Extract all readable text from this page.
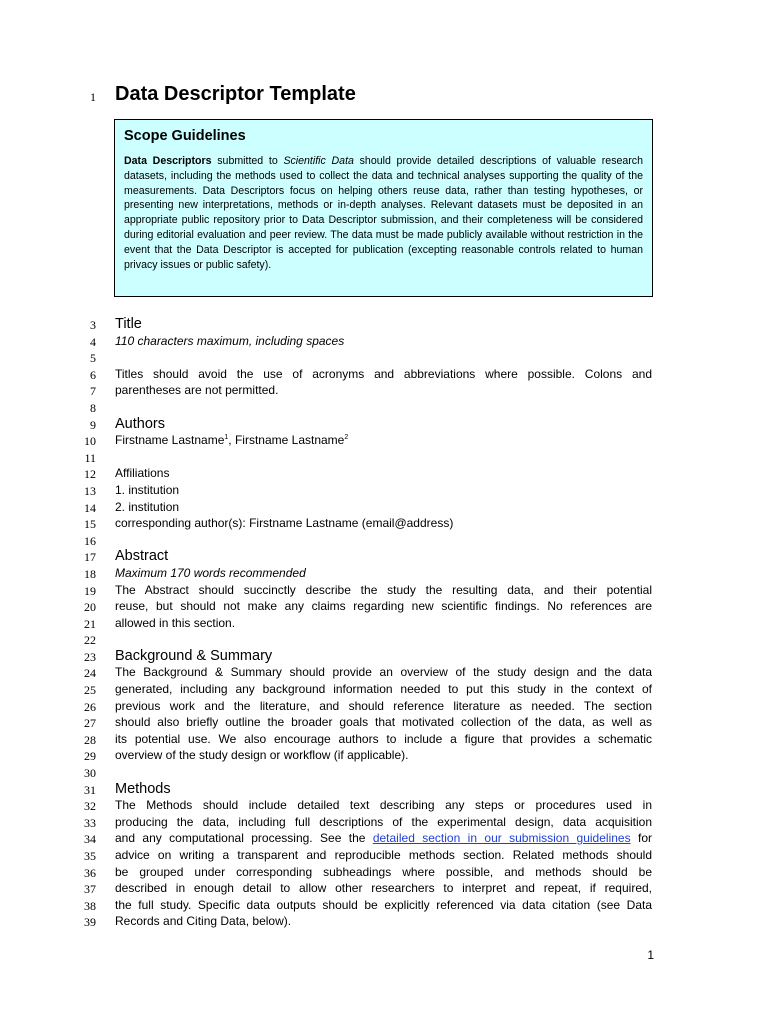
1 Data Descriptor Template
Scope Guidelines

Data Descriptors submitted to Scientific Data should provide detailed descriptions of valuable research datasets, including the methods used to collect the data and technical analyses supporting the quality of the measurements. Data Descriptors focus on helping others reuse data, rather than testing hypotheses, or presenting new interpretations, methods or in-depth analyses. Relevant datasets must be deposited in an appropriate public repository prior to Data Descriptor submission, and their completeness will be considered during editorial evaluation and peer review. The data must be made publicly available without restriction in the event that the Data Descriptor is accepted for publication (excepting reasonable controls related to human privacy issues or public safety).

3 Title
4 110 characters maximum, including spaces
5
6 Titles should avoid the use of acronyms and abbreviations where possible. Colons and
7 parentheses are not permitted.
8
9 Authors
10 Firstname Lastname$^1$, Firstname Lastname$^2$
11
12 Affiliations
13 1. institution
14 2. institution
15 corresponding author(s): Firstname Lastname (email@address)
16
17 Abstract
18 Maximum 170 words recommended
19 The Abstract should succinctly describe the study the resulting data, and their potential
20 reuse, but should not make any claims regarding new scientific findings. No references are
21 allowed in this section.
22
23 Background & Summary
24 The Background & Summary should provide an overview of the study design and the data
25 generated, including any background information needed to put this study in the context of
26 previous work and the literature, and should reference literature as needed. The section
27 should also briefly outline the broader goals that motivated collection of the data, as well as
28 its potential use. We also encourage authors to include a figure that provides a schematic
29 overview of the study design or workflow (if applicable).
30
31 Methods
32 The Methods should include detailed text describing any steps or procedures used in
33 producing the data, including full descriptions of the experimental design, data acquisition
34 and any computational processing. See the detailed section in our submission guidelines for
35 advice on writing a transparent and reproducible methods section. Related methods should
36 be grouped under corresponding subheadings where possible, and methods should be
37 described in enough detail to allow other researchers to interpret and repeat, if required,
38 the full study. Specific data outputs should be explicitly referenced via data citation (see Data
39 Records and Citing Data, below).
1
